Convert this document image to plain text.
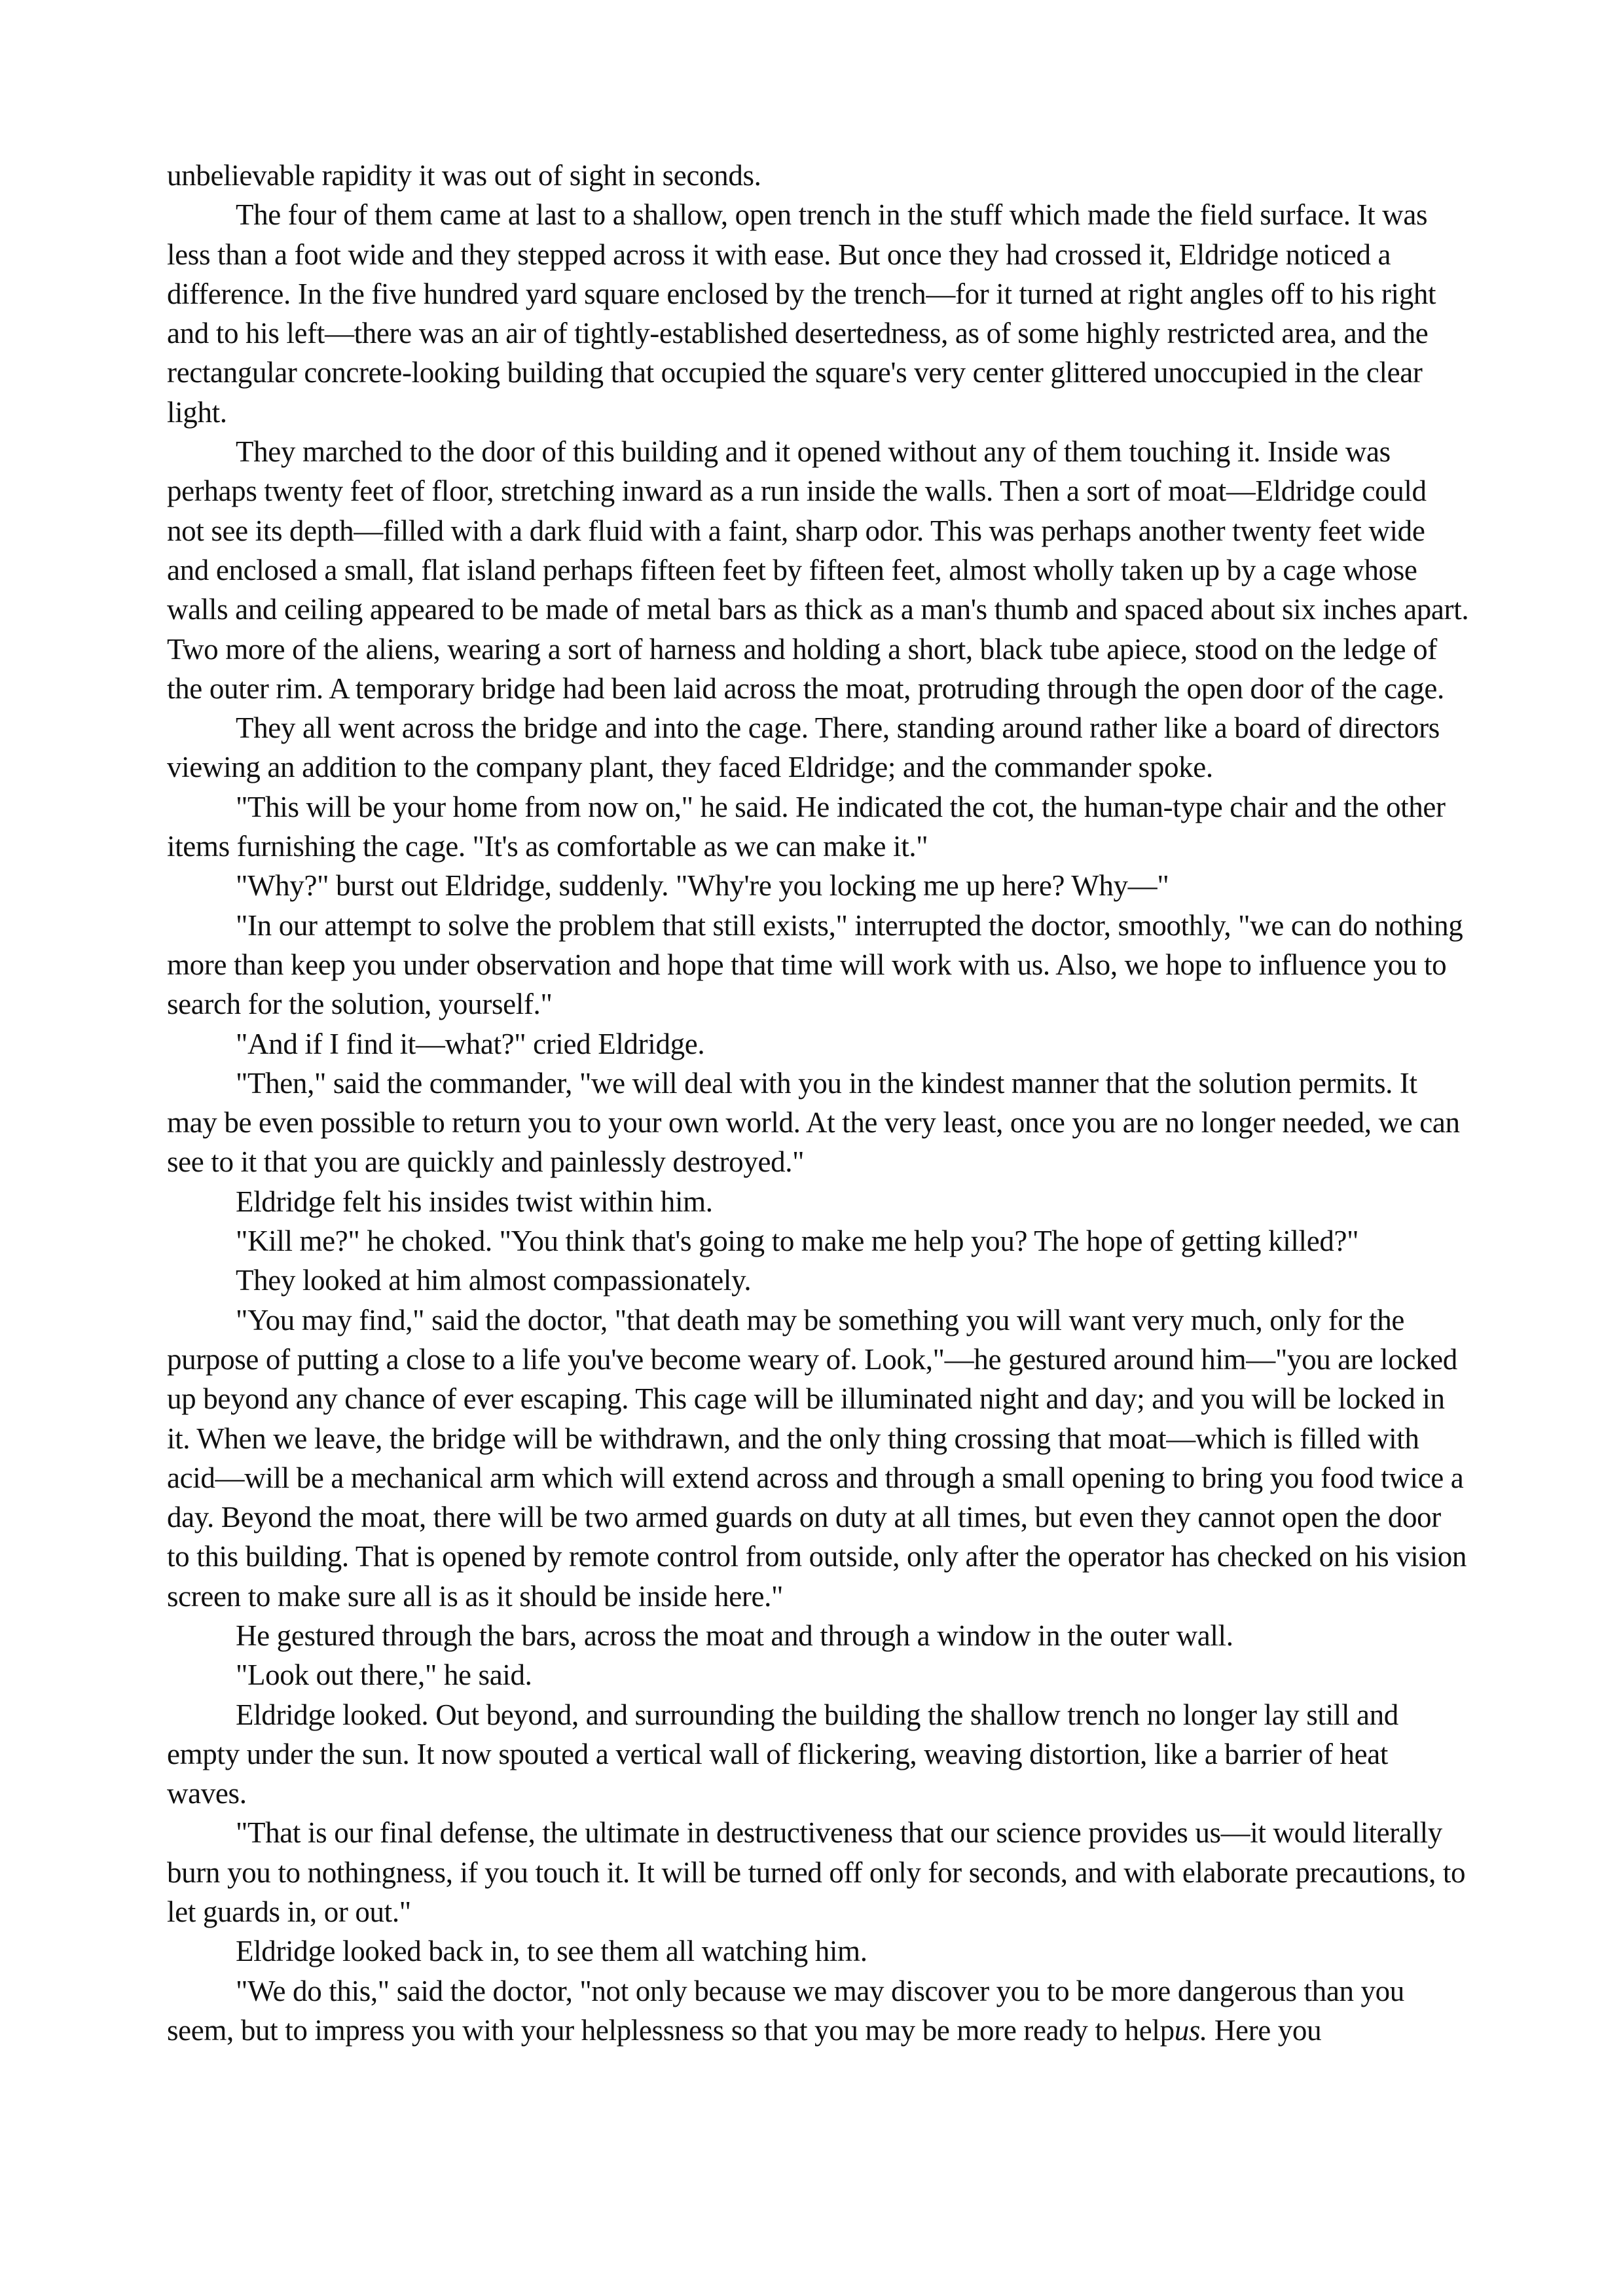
unbelievable rapidity it was out of sight in seconds.

The four of them came at last to a shallow, open trench in the stuff which made the field surface. It was less than a foot wide and they stepped across it with ease. But once they had crossed it, Eldridge noticed a difference. In the five hundred yard square enclosed by the trench—for it turned at right angles off to his right and to his left—there was an air of tightly-established desertedness, as of some highly restricted area, and the rectangular concrete-looking building that occupied the square's very center glittered unoccupied in the clear light.

They marched to the door of this building and it opened without any of them touching it. Inside was perhaps twenty feet of floor, stretching inward as a run inside the walls. Then a sort of moat—Eldridge could not see its depth—filled with a dark fluid with a faint, sharp odor. This was perhaps another twenty feet wide and enclosed a small, flat island perhaps fifteen feet by fifteen feet, almost wholly taken up by a cage whose walls and ceiling appeared to be made of metal bars as thick as a man's thumb and spaced about six inches apart. Two more of the aliens, wearing a sort of harness and holding a short, black tube apiece, stood on the ledge of the outer rim. A temporary bridge had been laid across the moat, protruding through the open door of the cage.

They all went across the bridge and into the cage. There, standing around rather like a board of directors viewing an addition to the company plant, they faced Eldridge; and the commander spoke.

"This will be your home from now on," he said. He indicated the cot, the human-type chair and the other items furnishing the cage. "It's as comfortable as we can make it."

"Why?" burst out Eldridge, suddenly. "Why're you locking me up here? Why—"

"In our attempt to solve the problem that still exists," interrupted the doctor, smoothly, "we can do nothing more than keep you under observation and hope that time will work with us. Also, we hope to influence you to search for the solution, yourself."

"And if I find it—what?" cried Eldridge.

"Then," said the commander, "we will deal with you in the kindest manner that the solution permits. It may be even possible to return you to your own world. At the very least, once you are no longer needed, we can see to it that you are quickly and painlessly destroyed."

Eldridge felt his insides twist within him.

"Kill me?" he choked. "You think that's going to make me help you? The hope of getting killed?"

They looked at him almost compassionately.

"You may find," said the doctor, "that death may be something you will want very much, only for the purpose of putting a close to a life you've become weary of. Look,"—he gestured around him—"you are locked up beyond any chance of ever escaping. This cage will be illuminated night and day; and you will be locked in it. When we leave, the bridge will be withdrawn, and the only thing crossing that moat—which is filled with acid—will be a mechanical arm which will extend across and through a small opening to bring you food twice a day. Beyond the moat, there will be two armed guards on duty at all times, but even they cannot open the door to this building. That is opened by remote control from outside, only after the operator has checked on his vision screen to make sure all is as it should be inside here."

He gestured through the bars, across the moat and through a window in the outer wall.

"Look out there," he said.

Eldridge looked. Out beyond, and surrounding the building the shallow trench no longer lay still and empty under the sun. It now spouted a vertical wall of flickering, weaving distortion, like a barrier of heat waves.

"That is our final defense, the ultimate in destructiveness that our science provides us—it would literally burn you to nothingness, if you touch it. It will be turned off only for seconds, and with elaborate precautions, to let guards in, or out."

Eldridge looked back in, to see them all watching him.

"We do this," said the doctor, "not only because we may discover you to be more dangerous than you seem, but to impress you with your helplessness so that you may be more ready to helpus. Here you
